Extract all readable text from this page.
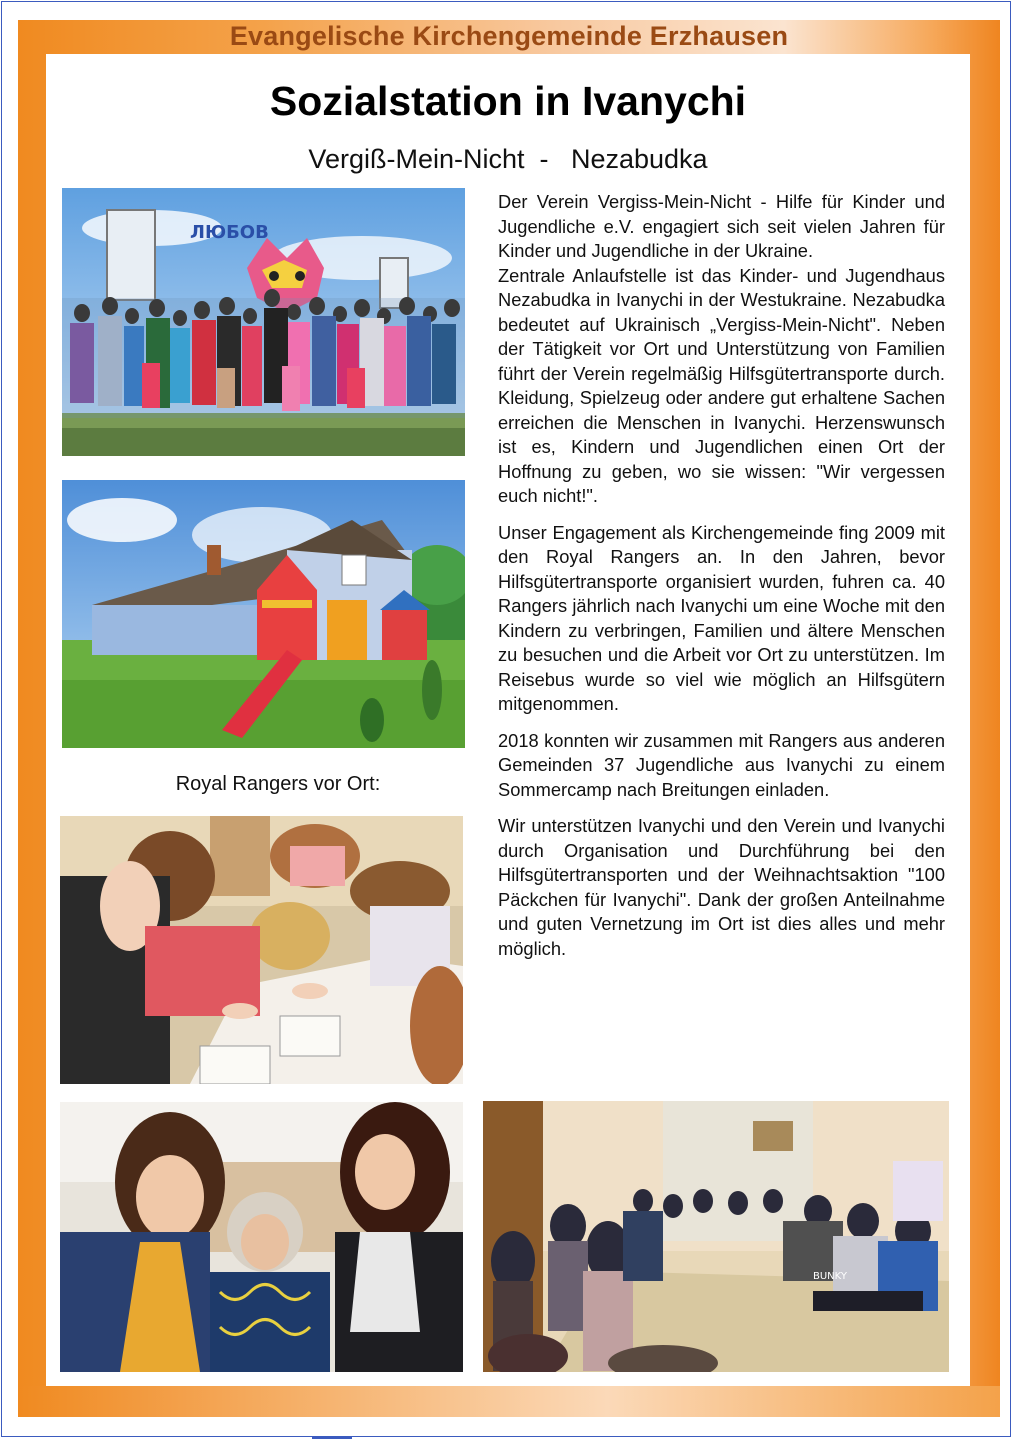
Evangelische Kirchengemeinde Erzhausen
Sozialstation in Ivanychi
Vergiß-Mein-Nicht  -   Nezabudka
ЛЮБОВ
Royal Rangers vor Ort:
BUNKY

Der Verein Vergiss-Mein-Nicht - Hilfe für Kinder und Jugendliche e.V. engagiert sich seit vielen Jahren für Kinder und Jugendliche in der Ukraine.
Zentrale Anlaufstelle ist das Kinder- und Jugendhaus Nezabudka in Ivanychi in der Westukraine. Nezabudka bedeutet auf Ukrainisch „Vergiss-Mein-Nicht". Neben der Tätigkeit vor Ort und Unterstützung von Familien führt der Verein regelmäßig Hilfsgütertransporte durch. Kleidung, Spielzeug oder andere gut erhaltene Sachen erreichen die Menschen in Ivanychi. Herzenswunsch ist es, Kindern und Jugendlichen einen Ort der Hoffnung zu geben, wo sie wissen: "Wir vergessen euch nicht!".

Unser Engagement als Kirchengemeinde fing 2009 mit den Royal Rangers an. In den Jahren, bevor Hilfsgütertransporte organisiert wurden, fuhren ca. 40 Rangers jährlich nach Ivanychi um eine Woche mit den Kindern zu verbringen, Familien und ältere Menschen zu besuchen und die Arbeit vor Ort zu unterstützen. Im Reisebus wurde so viel wie möglich an Hilfsgütern mitgenommen.

2018 konnten wir zusammen mit Rangers aus anderen Gemeinden 37 Jugendliche aus Ivanychi zu einem Sommercamp nach Breitungen einladen.

Wir unterstützen Ivanychi und den Verein und Ivanychi durch Organisation und Durchführung bei den Hilfsgütertransporten und der Weihnachtsaktion "100 Päckchen für Ivanychi". Dank der großen Anteilnahme und guten Vernetzung im Ort ist dies alles und mehr möglich.
